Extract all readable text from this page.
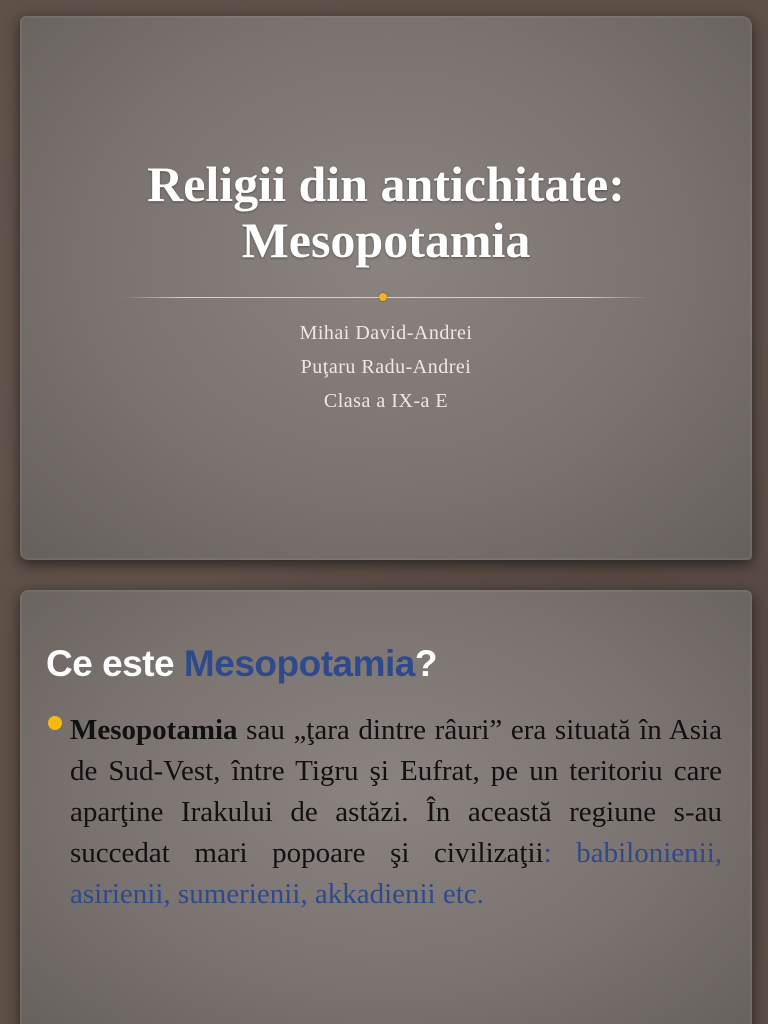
Religii din antichitate:
Mesopotamia
Mihai David-Andrei
Puţaru Radu-Andrei
Clasa a IX-a E
Ce este Mesopotamia?
Mesopotamia sau „ţara dintre râuri” era situată în Asia de Sud-Vest, între Tigru şi Eufrat, pe un teritoriu care aparţine Irakului de astăzi. În această regiune s-au succedat mari popoare şi civilizaţii: babilonienii, asirienii, sumerienii, akkadienii etc.
